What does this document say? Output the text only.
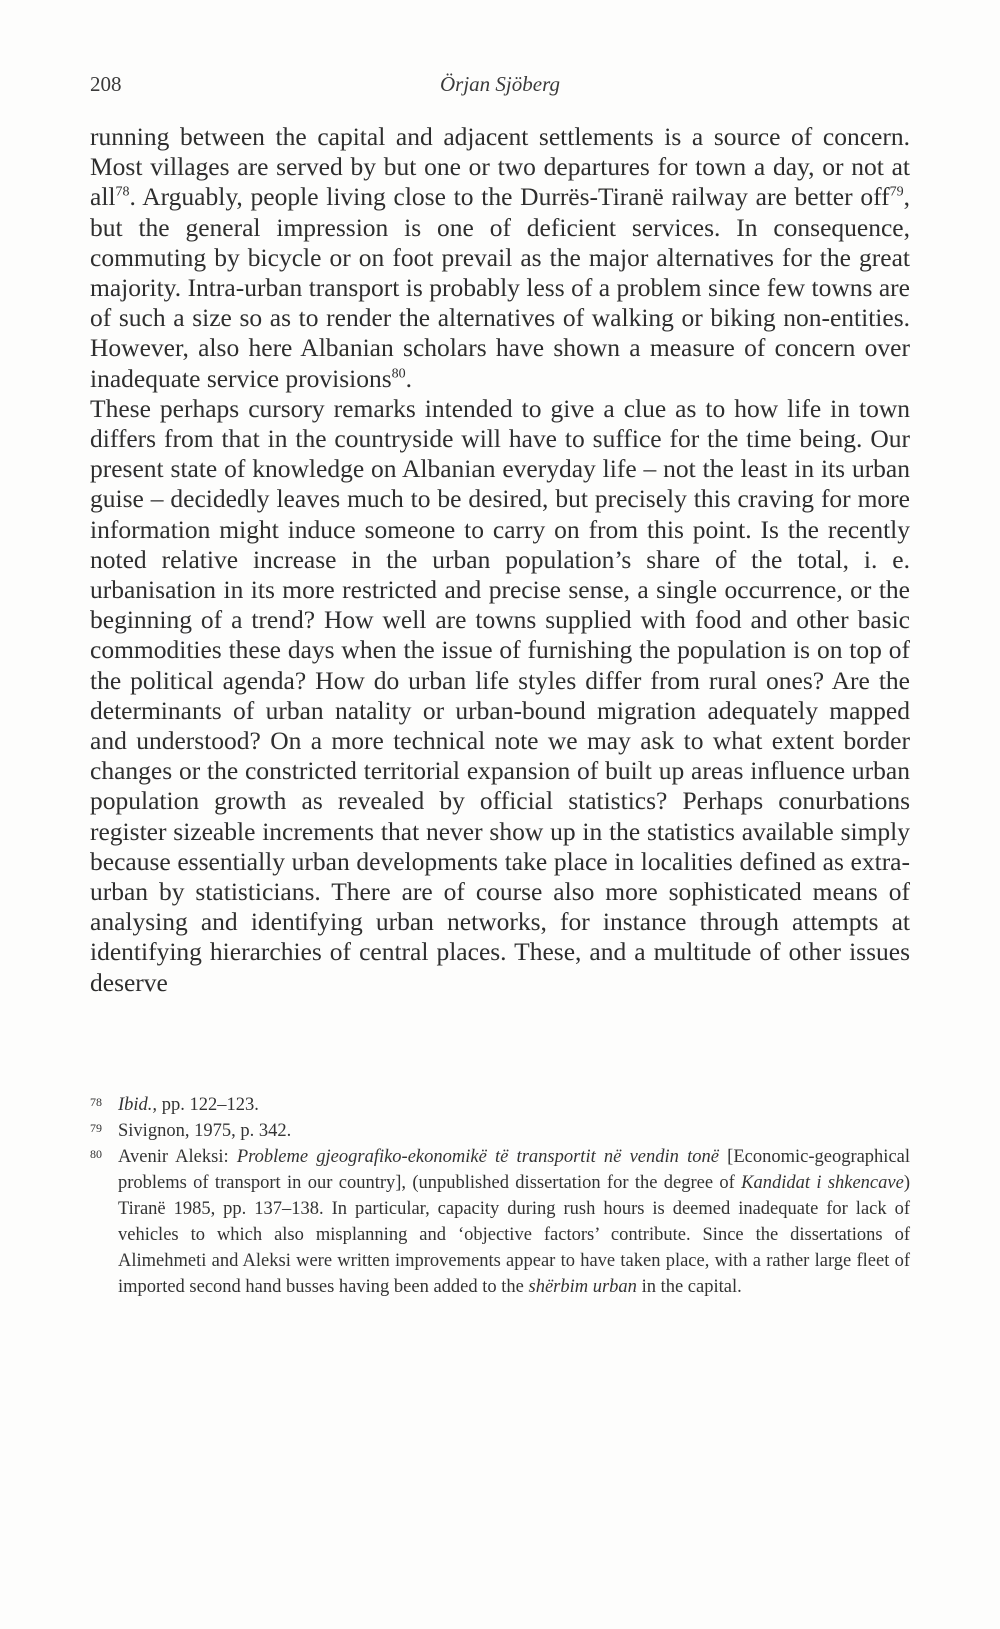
208	Örjan Sjöberg

running between the capital and adjacent settlements is a source of concern. Most villages are served by but one or two departures for town a day, or not at all$^{78}$. Arguably, people living close to the Durrës-Tiranë railway are better off$^{79}$, but the general impression is one of deficient services. In consequence, commuting by bicycle or on foot prevail as the major alternatives for the great majority. Intra-urban transport is probably less of a problem since few towns are of such a size so as to render the alternatives of walking or biking non-entities. However, also here Albanian scholars have shown a measure of concern over inadequate service provisions$^{80}$.

These perhaps cursory remarks intended to give a clue as to how life in town differs from that in the countryside will have to suffice for the time being. Our present state of knowledge on Albanian everyday life – not the least in its urban guise – decidedly leaves much to be desired, but precisely this craving for more information might induce someone to carry on from this point. Is the recently noted relative increase in the urban population’s share of the total, i. e. urbanisation in its more restricted and precise sense, a single occurrence, or the beginning of a trend? How well are towns supplied with food and other basic commodities these days when the issue of furnishing the population is on top of the political agenda? How do urban life styles differ from rural ones? Are the determinants of urban natality or urban-bound migration adequately mapped and understood? On a more technical note we may ask to what extent border changes or the constricted territorial expansion of built up areas influence urban population growth as revealed by official statistics? Perhaps conurbations register sizeable increments that never show up in the statistics available simply because essentially urban developments take place in localities defined as extra-urban by statisticians. There are of course also more sophisticated means of analysing and identifying urban networks, for instance through attempts at identifying hierarchies of central places. These, and a multitude of other issues deserve

78 Ibid., pp. 122–123.

79 Sivignon, 1975, p. 342.

80 Avenir Aleksi: Probleme gjeografiko-ekonomikë të transportit në vendin tonë [Economic-geographical problems of transport in our country], (unpublished dissertation for the degree of Kandidat i shkencave) Tiranë 1985, pp. 137–138. In particular, capacity during rush hours is deemed inadequate for lack of vehicles to which also misplanning and ‘objective factors’ contribute. Since the dissertations of Alimehmeti and Aleksi were written improvements appear to have taken place, with a rather large fleet of imported second hand busses having been added to the shërbim urban in the capital.
